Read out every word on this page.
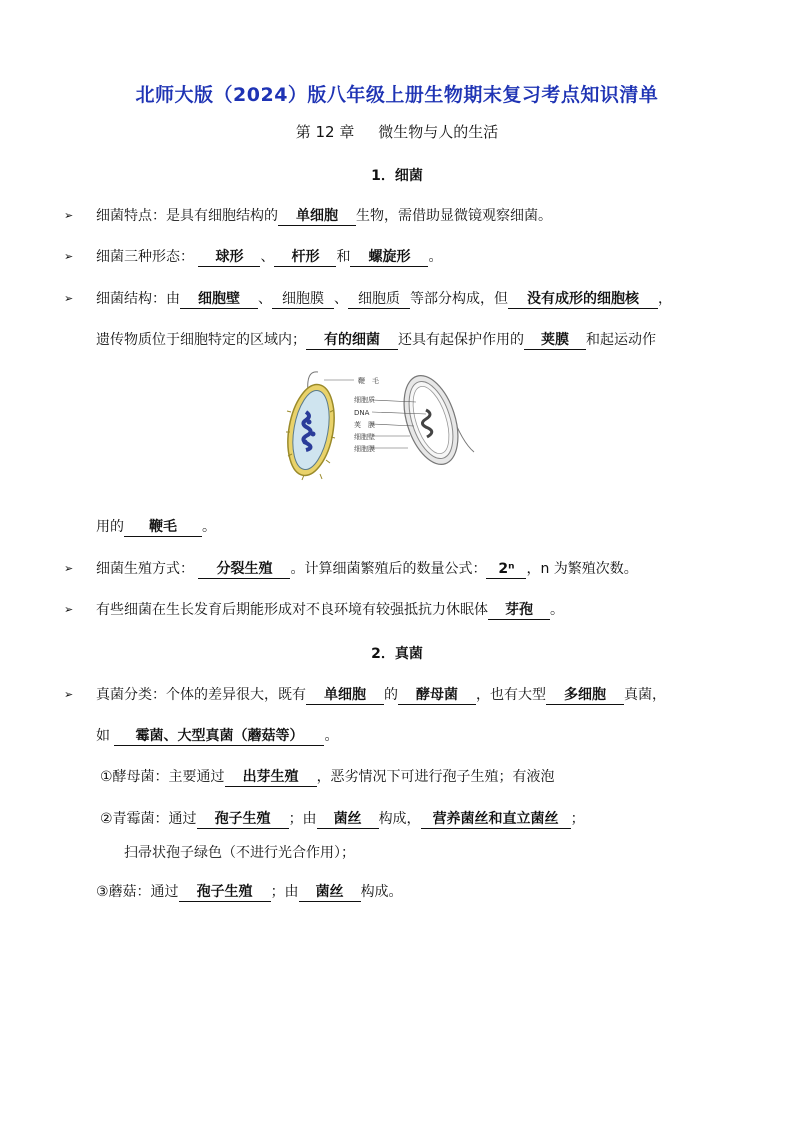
北师大版（2024）版八年级上册生物期末复习考点知识清单
第 12 章 微生物与人的生活
1．细菌
➢	细菌特点：是具有细胞结构的 单细胞 生物，需借助显微镜观察细菌。
➢	细菌三种形态： 球形 、 杆形 和 螺旋形 。
➢	细菌结构：由 细胞壁 、 细胞膜 、 细胞质 等部分构成，但 没有成形的细胞核 ，
遗传物质位于细胞特定的区域内； 有的细菌 还具有起保护作用的 荚膜 和起运动作
鞭　毛
细胞质
DNA
荚　膜
细胞壁
细胞膜
用的 鞭毛 。
➢	细菌生殖方式： 分裂生殖 。计算细菌繁殖后的数量公式： 2ⁿ ，n 为繁殖次数。
➢	有些细菌在生长发育后期能形成对不良环境有较强抵抗力休眠体 芽孢 。
2．真菌
➢	真菌分类：个体的差异很大，既有 单细胞 的 酵母菌 ，也有大型 多细胞 真菌，
如 霉菌、大型真菌（蘑菇等） 。
①酵母菌：主要通过 出芽生殖 ，恶劣情况下可进行孢子生殖；有液泡
②青霉菌：通过 孢子生殖 ；由 菌丝 构成， 营养菌丝和直立菌丝 ；
扫帚状孢子绿色（不进行光合作用）；
③蘑菇：通过 孢子生殖 ；由 菌丝 构成。
